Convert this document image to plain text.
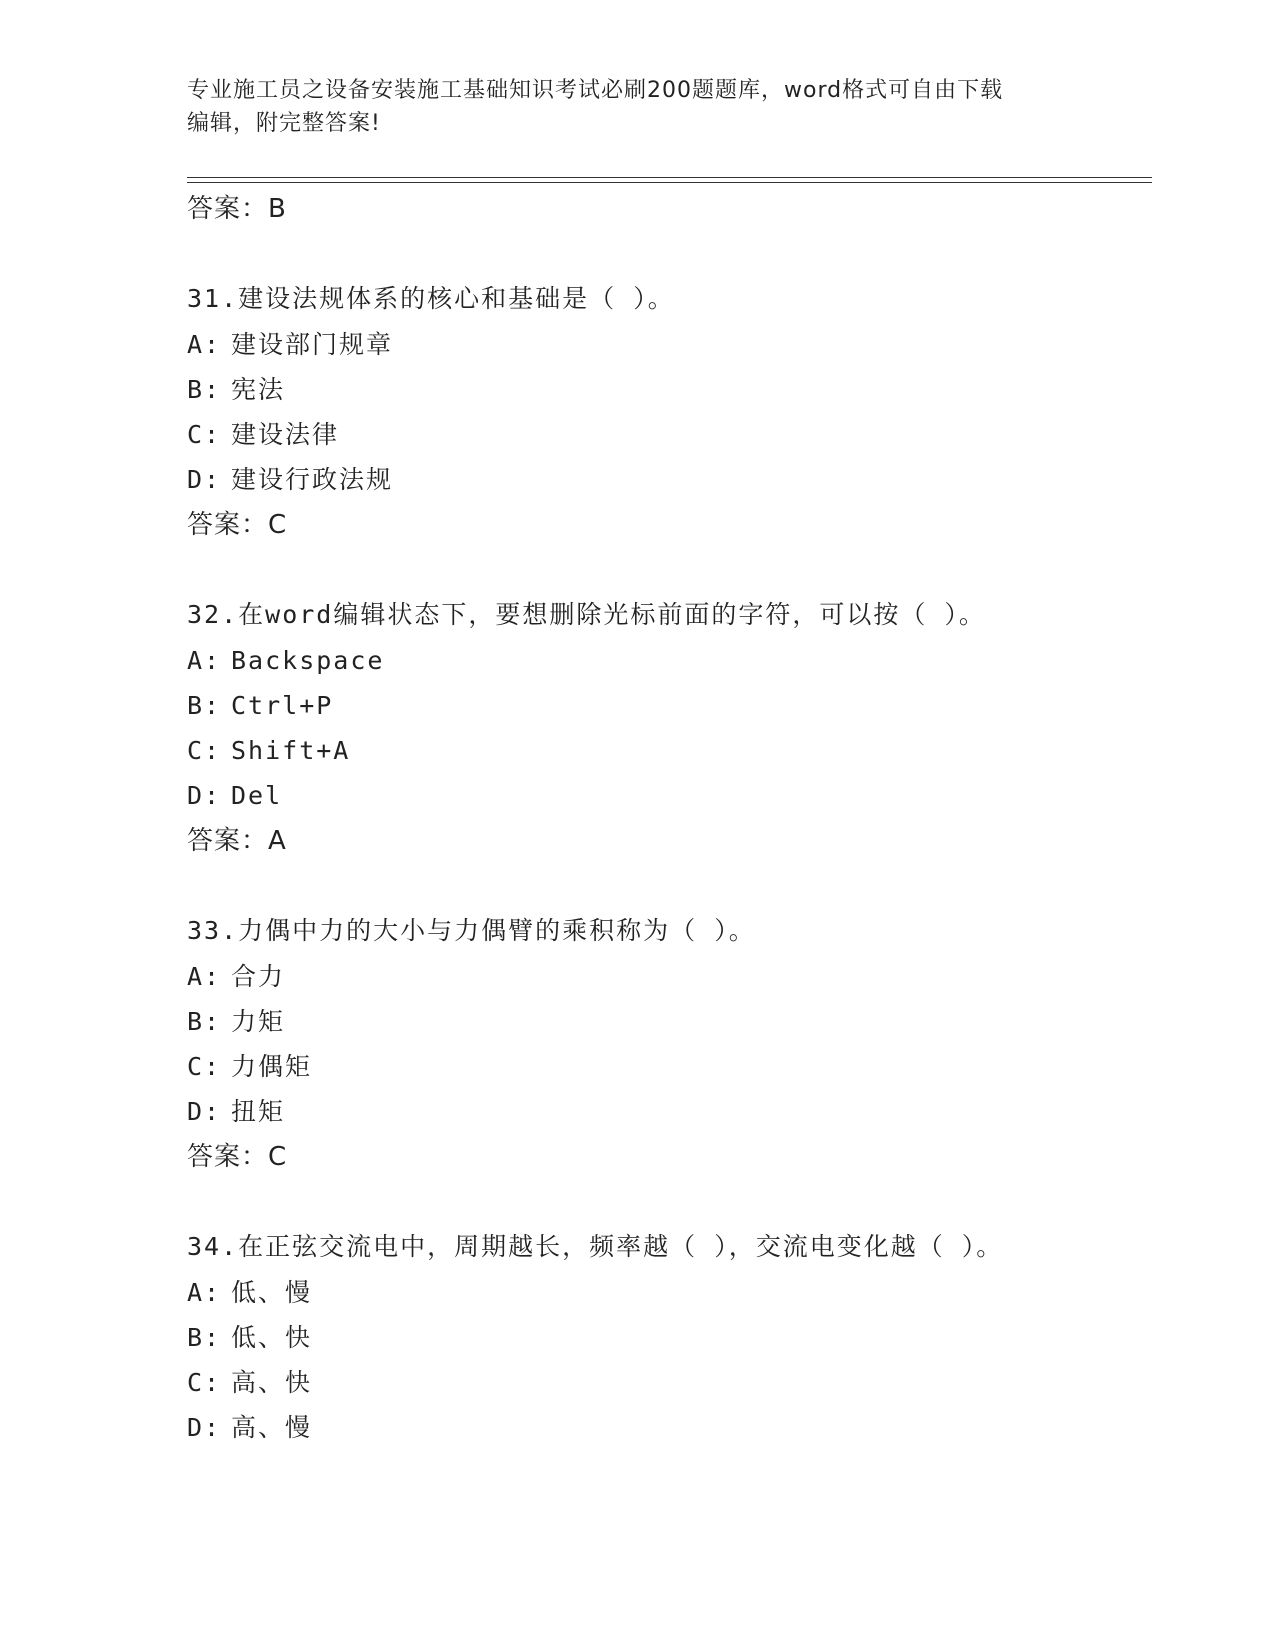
专业施工员之设备安装施工基础知识考试必刷200题题库，word格式可自由下载
编辑，附完整答案!
答案：B
31.建设法规体系的核心和基础是（ ）。
A: 建设部门规章
B: 宪法
C: 建设法律
D: 建设行政法规
答案：C
32.在word编辑状态下，要想删除光标前面的字符，可以按（ ）。
A: Backspace
B: Ctrl+P
C: Shift+A
D: Del
答案：A
33.力偶中力的大小与力偶臂的乘积称为（ ）。
A: 合力
B: 力矩
C: 力偶矩
D: 扭矩
答案：C
34.在正弦交流电中，周期越长，频率越（ ），交流电变化越（ ）。
A: 低、慢
B: 低、快
C: 高、快
D: 高、慢
